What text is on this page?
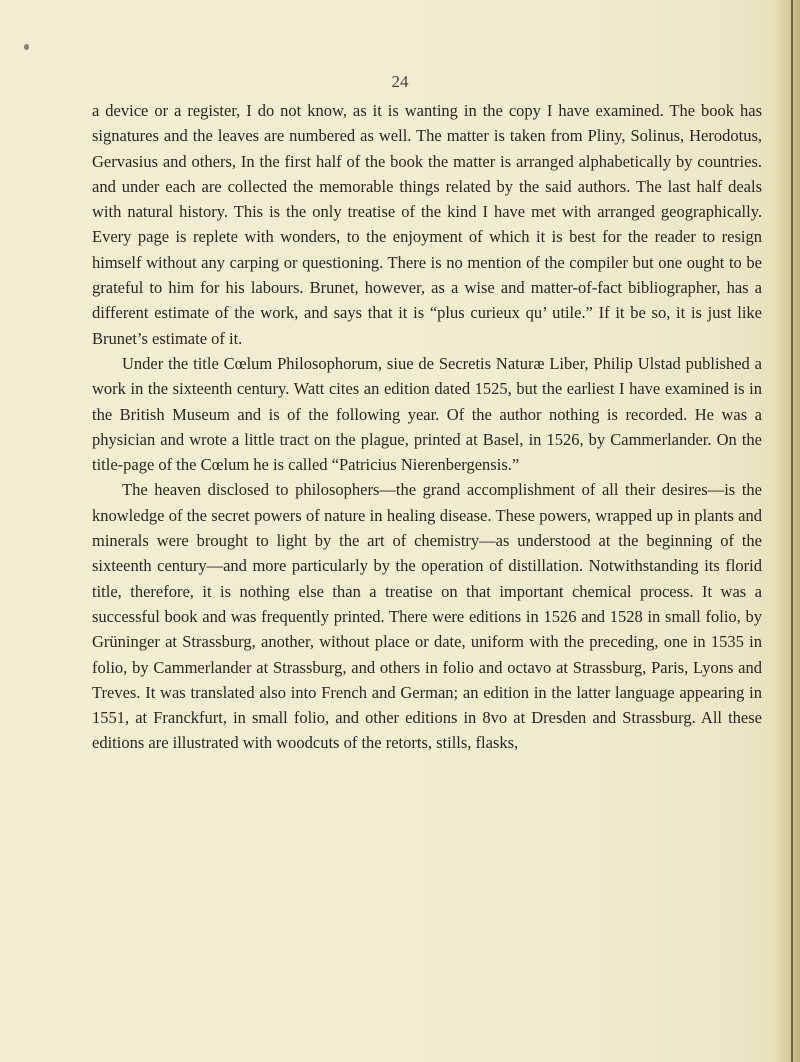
24

a device or a register, I do not know, as it is wanting in the copy I have examined. The book has signatures and the leaves are numbered as well. The matter is taken from Pliny, Solinus, Herodotus, Gervasius and others, In the first half of the book the matter is arranged alphabetically by countries. and under each are collected the memorable things related by the said authors. The last half deals with natural history. This is the only treatise of the kind I have met with arranged geographically. Every page is replete with wonders, to the enjoyment of which it is best for the reader to resign himself without any carping or questioning. There is no mention of the compiler but one ought to be grateful to him for his labours. Brunet, however, as a wise and matter-of-fact bibliographer, has a different estimate of the work, and says that it is “plus curieux qu’ utile.” If it be so, it is just like Brunet’s estimate of it.

Under the title Cœlum Philosophorum, siue de Secretis Naturæ Liber, Philip Ulstad published a work in the sixteenth century. Watt cites an edition dated 1525, but the earliest I have examined is in the British Museum and is of the following year. Of the author nothing is recorded. He was a physician and wrote a little tract on the plague, printed at Basel, in 1526, by Cammerlander. On the title-page of the Cœlum he is called “Patricius Nierenbergensis.”

The heaven disclosed to philosophers—the grand accomplishment of all their desires—is the knowledge of the secret powers of nature in healing disease. These powers, wrapped up in plants and minerals were brought to light by the art of chemistry—as understood at the beginning of the sixteenth century—and more particularly by the operation of distillation. Notwithstanding its florid title, therefore, it is nothing else than a treatise on that important chemical process. It was a successful book and was frequently printed. There were editions in 1526 and 1528 in small folio, by Grüninger at Strassburg, another, without place or date, uniform with the preceding, one in 1535 in folio, by Cammerlander at Strassburg, and others in folio and octavo at Strassburg, Paris, Lyons and Treves. It was translated also into French and German; an edition in the latter language appearing in 1551, at Franckfurt, in small folio, and other editions in 8vo at Dresden and Strassburg. All these editions are illustrated with woodcuts of the retorts, stills, flasks,
